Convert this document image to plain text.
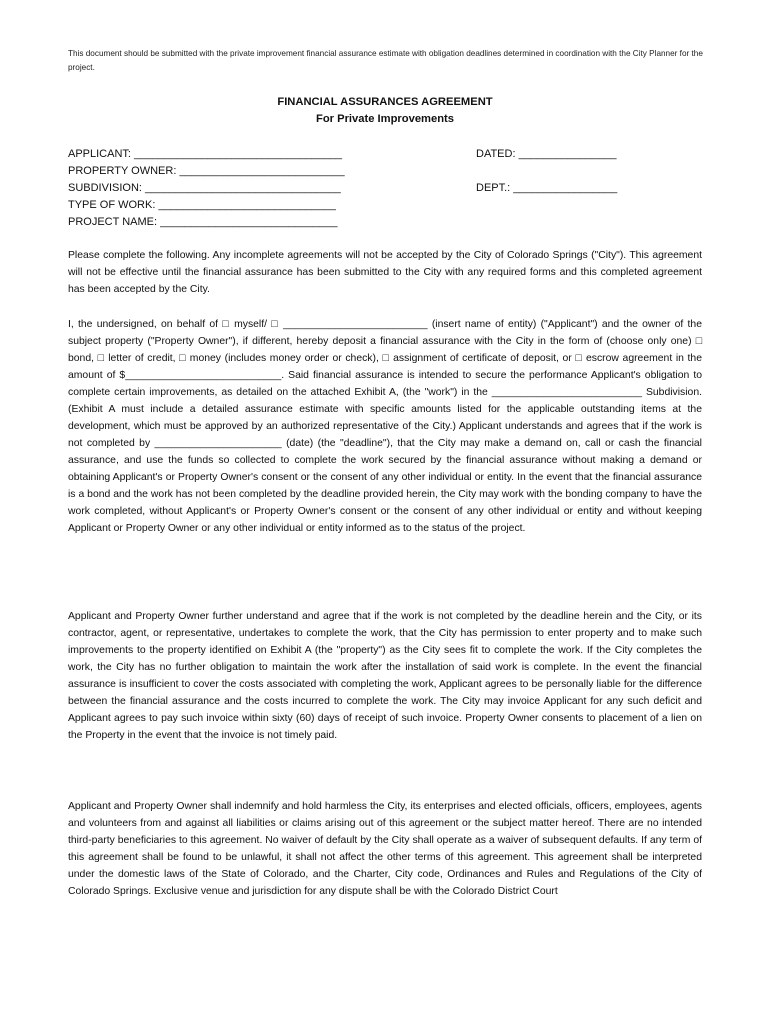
This document should be submitted with the private improvement financial assurance estimate with obligation deadlines determined in coordination with the City Planner for the project.
FINANCIAL ASSURANCES AGREEMENT
For Private Improvements
APPLICANT: __________________________________	DATED: ________________
PROPERTY OWNER: ___________________________
SUBDIVISION: ________________________________	DEPT.: _________________
TYPE OF WORK: _____________________________
PROJECT NAME: _____________________________

Please complete the following. Any incomplete agreements will not be accepted by the City of Colorado Springs ("City"). This agreement will not be effective until the financial assurance has been submitted to the City with any required forms and this completed agreement has been accepted by the City.

I, the undersigned, on behalf of □ myself/ □ _________________________ (insert name of entity) ("Applicant") and the owner of the subject property ("Property Owner"), if different, hereby deposit a financial assurance with the City in the form of (choose only one) □ bond, □ letter of credit, □ money (includes money order or check), □ assignment of certificate of deposit, or □ escrow agreement in the amount of $___________________________. Said financial assurance is intended to secure the performance Applicant's obligation to complete certain improvements, as detailed on the attached Exhibit A, (the "work") in the __________________________ Subdivision. (Exhibit A must include a detailed assurance estimate with specific amounts listed for the applicable outstanding items at the development, which must be approved by an authorized representative of the City.) Applicant understands and agrees that if the work is not completed by ______________________ (date) (the "deadline"), that the City may make a demand on, call or cash the financial assurance, and use the funds so collected to complete the work secured by the financial assurance without making a demand or obtaining Applicant's or Property Owner's consent or the consent of any other individual or entity. In the event that the financial assurance is a bond and the work has not been completed by the deadline provided herein, the City may work with the bonding company to have the work completed, without Applicant's or Property Owner's consent or the consent of any other individual or entity and without keeping Applicant or Property Owner or any other individual or entity informed as to the status of the project.

Applicant and Property Owner further understand and agree that if the work is not completed by the deadline herein and the City, or its contractor, agent, or representative, undertakes to complete the work, that the City has permission to enter property and to make such improvements to the property identified on Exhibit A (the "property") as the City sees fit to complete the work. If the City completes the work, the City has no further obligation to maintain the work after the installation of said work is complete. In the event the financial assurance is insufficient to cover the costs associated with completing the work, Applicant agrees to be personally liable for the difference between the financial assurance and the costs incurred to complete the work. The City may invoice Applicant for any such deficit and Applicant agrees to pay such invoice within sixty (60) days of receipt of such invoice. Property Owner consents to placement of a lien on the Property in the event that the invoice is not timely paid.

Applicant and Property Owner shall indemnify and hold harmless the City, its enterprises and elected officials, officers, employees, agents and volunteers from and against all liabilities or claims arising out of this agreement or the subject matter hereof. There are no intended third-party beneficiaries to this agreement. No waiver of default by the City shall operate as a waiver of subsequent defaults. If any term of this agreement shall be found to be unlawful, it shall not affect the other terms of this agreement. This agreement shall be interpreted under the domestic laws of the State of Colorado, and the Charter, City code, Ordinances and Rules and Regulations of the City of Colorado Springs. Exclusive venue and jurisdiction for any dispute shall be with the Colorado District Court
